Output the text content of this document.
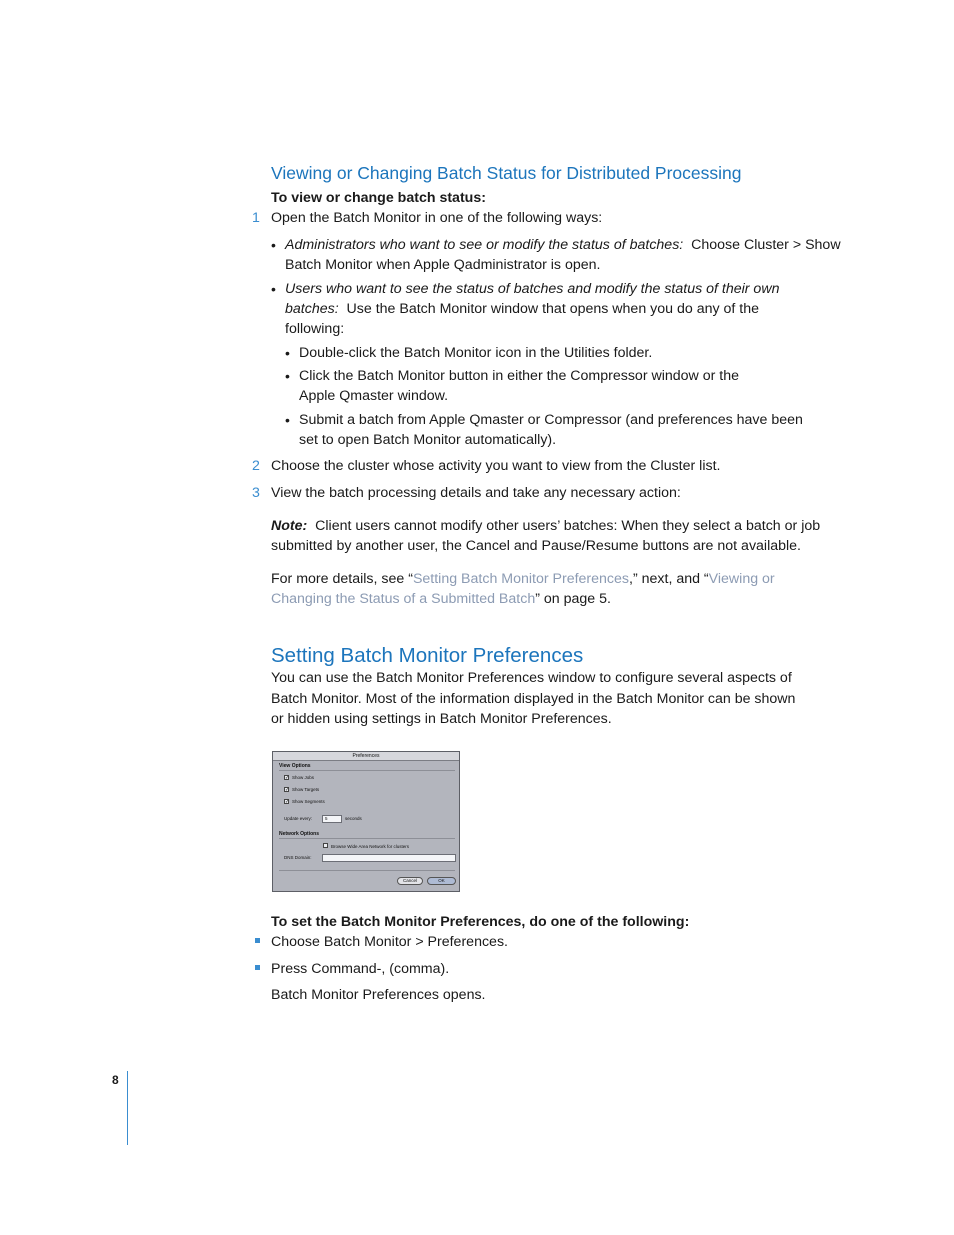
Viewing or Changing Batch Status for Distributed Processing
To view or change batch status:
1 Open the Batch Monitor in one of the following ways:
• Administrators who want to see or modify the status of batches: Choose Cluster > Show
Batch Monitor when Apple Qadministrator is open.
• Users who want to see the status of batches and modify the status of their own
batches: Use the Batch Monitor window that opens when you do any of the
following:
• Double-click the Batch Monitor icon in the Utilities folder.
• Click the Batch Monitor button in either the Compressor window or the
Apple Qmaster window.
• Submit a batch from Apple Qmaster or Compressor (and preferences have been
set to open Batch Monitor automatically).
2 Choose the cluster whose activity you want to view from the Cluster list.
3 View the batch processing details and take any necessary action:
Note: Client users cannot modify other users’ batches: When they select a batch or job
submitted by another user, the Cancel and Pause/Resume buttons are not available.
For more details, see “Setting Batch Monitor Preferences,” next, and “Viewing or
Changing the Status of a Submitted Batch” on page 5.
Setting Batch Monitor Preferences
You can use the Batch Monitor Preferences window to configure several aspects of
Batch Monitor. Most of the information displayed in the Batch Monitor can be shown
or hidden using settings in Batch Monitor Preferences.
Preferences
View Options
✓ Show Jobs
✓ Show Targets
✓ Show Segments
Update every:	5	seconds
Network Options
Browse Wide Area Network for clusters
DNS Domain:
Cancel	OK
To set the Batch Monitor Preferences, do one of the following:
Choose Batch Monitor > Preferences.
Press Command-, (comma).
Batch Monitor Preferences opens.
8
